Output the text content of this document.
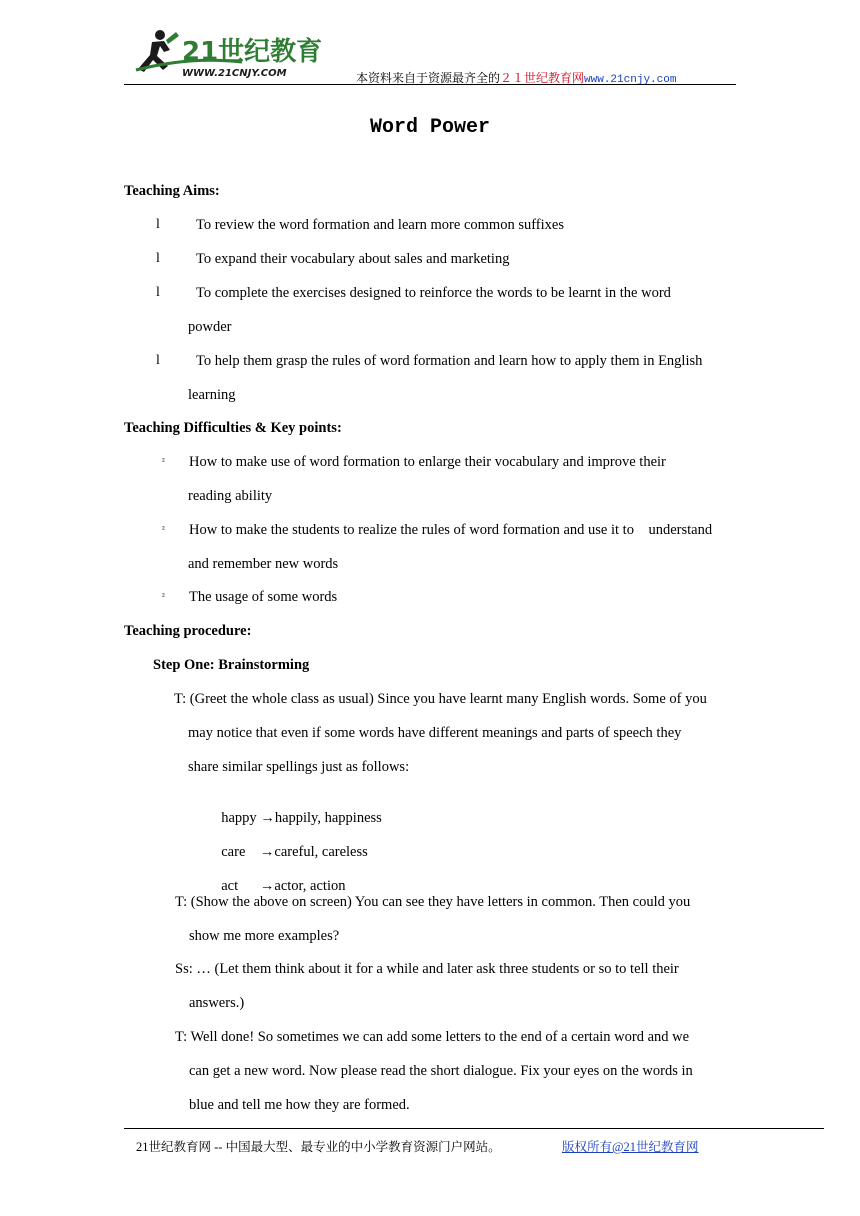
21世纪教育
WWW.21CNJY.COM	本资料来自于资源最齐全的２１世纪教育网www.21cnjy.com
Word Power
Teaching Aims:
l To review the word formation and learn more common suffixes
l To expand their vocabulary about sales and marketing
l To complete the exercises designed to reinforce the words to be learnt in the word
powder
l To help them grasp the rules of word formation and learn how to apply them in English
learning
Teaching Difficulties & Key points:
² How to make use of word formation to enlarge their vocabulary and improve their
reading ability
² How to make the students to realize the rules of word formation and use it to    understand
and remember new words
² The usage of some words
Teaching procedure:
Step One: Brainstorming
T: (Greet the whole class as usual) Since you have learnt many English words. Some of you
may notice that even if some words have different meanings and parts of speech they
share similar spellings just as follows:

happy →happily, happiness

care    →careful, careless

act      →actor, action

T: (Show the above on screen) You can see they have letters in common. Then could you
show me more examples?
Ss: … (Let them think about it for a while and later ask three students or so to tell their
answers.)
T: Well done! So sometimes we can add some letters to the end of a certain word and we
can get a new word. Now please read the short dialogue. Fix your eyes on the words in
blue and tell me how they are formed.
21世纪教育网 -- 中国最大型、最专业的中小学教育资源门户网站。	版权所有@21世纪教育网
